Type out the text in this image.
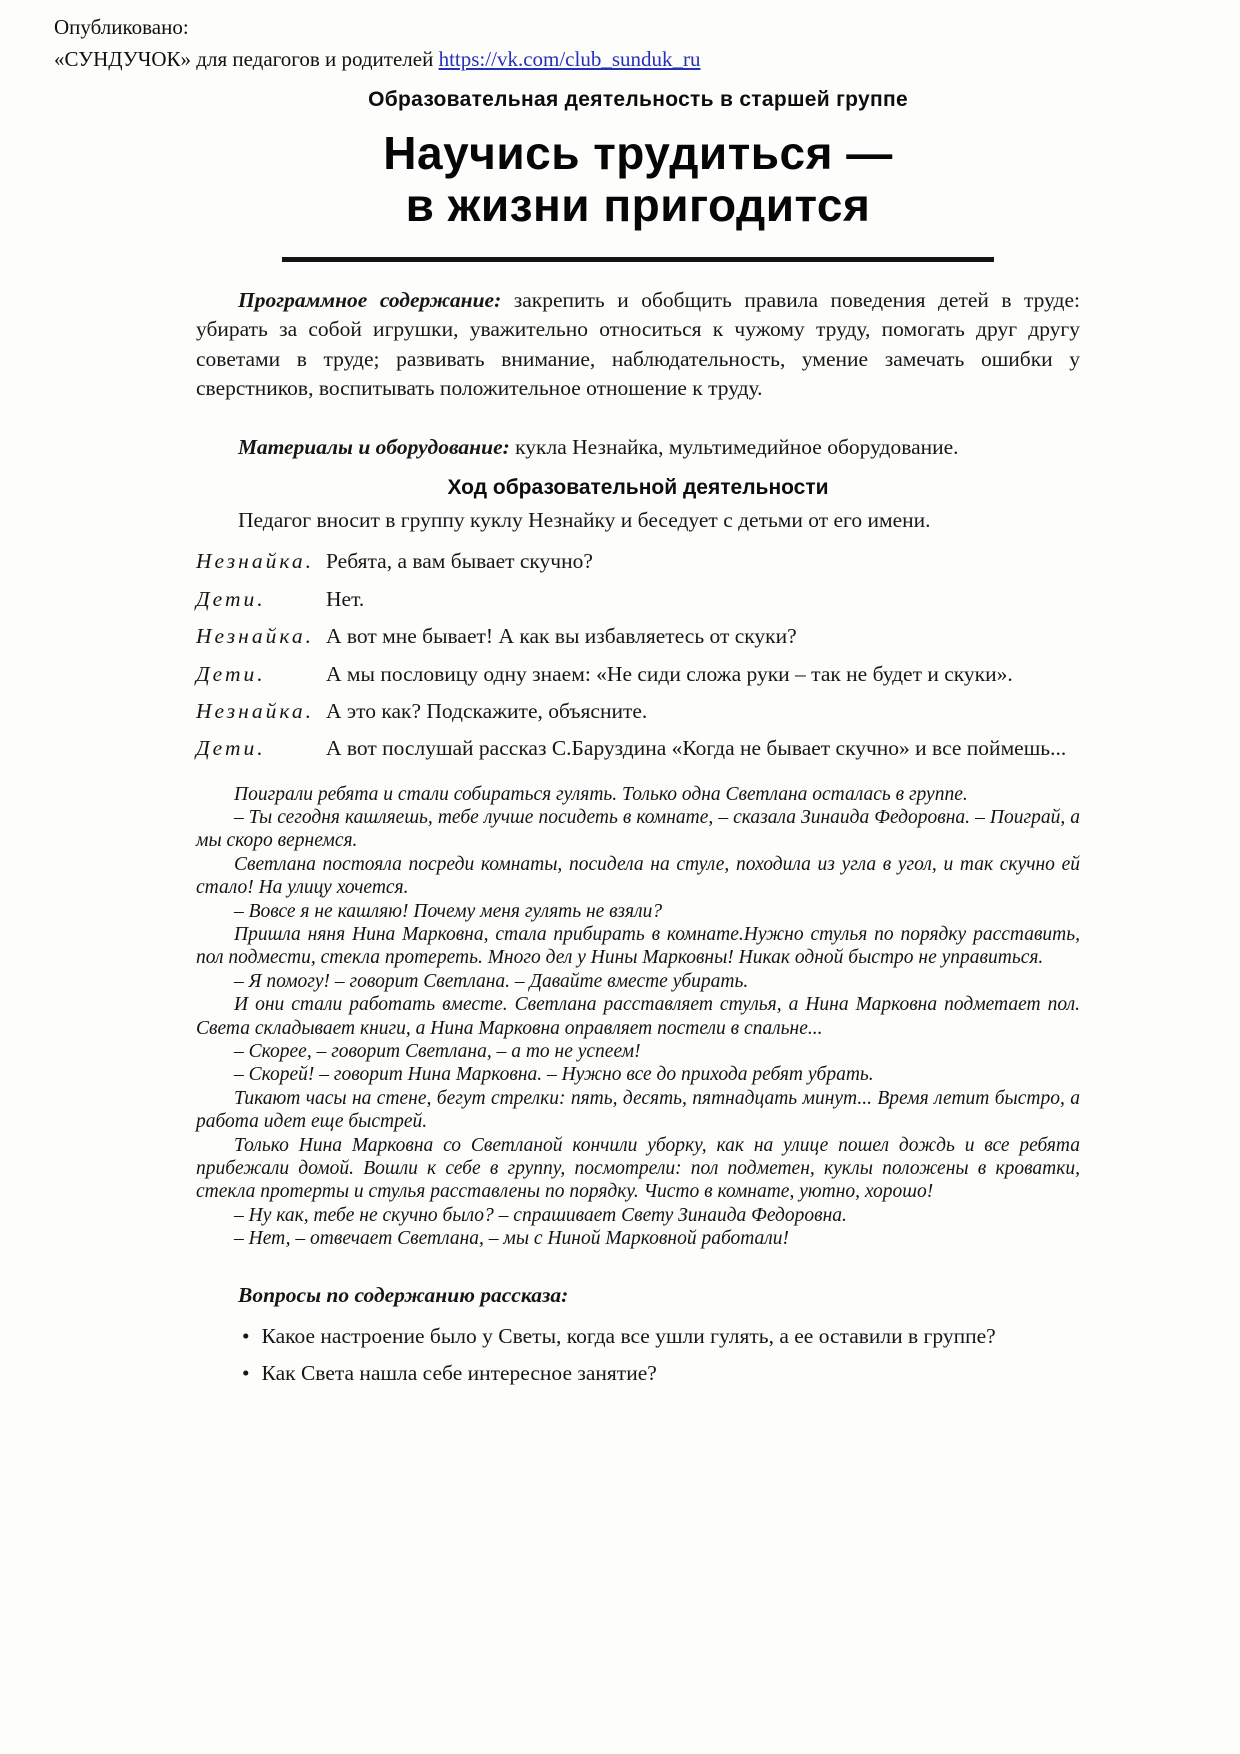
Опубликовано:
«СУНДУЧОК» для педагогов и родителей https://vk.com/club_sunduk_ru
Образовательная деятельность в старшей группе
Научись трудиться —
в жизни пригодится

Программное содержание: закрепить и обобщить правила поведения детей в труде: убирать за собой игрушки, уважительно относиться к чужому труду, помогать друг другу советами в труде; развивать внимание, наблюдательность, умение замечать ошибки у сверстников, воспитывать положительное отношение к труду.

Материалы и оборудование: кукла Незнайка, мультимедийное оборудование.

Ход образовательной деятельности

Педагог вносит в группу куклу Незнайку и беседует с детьми от его имени.

Незнайка. Ребята, а вам бывает скучно?
Дети.	Нет.
Незнайка. А вот мне бывает! А как вы избавляетесь от скуки?
Дети.	А мы пословицу одну знаем: «Не сиди сложа руки – так не будет и скуки».
Незнайка. А это как? Подскажите, объясните.
Дети.	А вот послушай рассказ С.Баруздина «Когда не бывает скучно» и все поймешь...

Поиграли ребята и стали собираться гулять. Только одна Светлана осталась в группе.

– Ты сегодня кашляешь, тебе лучше посидеть в комнате, – сказала Зинаида Федоровна. – Поиграй, а мы скоро вернемся.

Светлана постояла посреди комнаты, посидела на стуле, походила из угла в угол, и так скучно ей стало! На улицу хочется.

– Вовсе я не кашляю! Почему меня гулять не взяли?

Пришла няня Нина Марковна, стала прибирать в комнате.Нужно стулья по порядку расставить, пол подмести, стекла протереть. Много дел у Нины Марковны! Никак одной быстро не управиться.

– Я помогу! – говорит Светлана. – Давайте вместе убирать.

И они стали работать вместе. Светлана расставляет стулья, а Нина Марковна подметает пол. Света складывает книги, а Нина Марковна оправляет постели в спальне...

– Скорее, – говорит Светлана, – а то не успеем!

– Скорей! – говорит Нина Марковна. – Нужно все до прихода ребят убрать.

Тикают часы на стене, бегут стрелки: пять, десять, пятнадцать минут... Время летит быстро, а работа идет еще быстрей.

Только Нина Марковна со Светланой кончили уборку, как на улице пошел дождь и все ребята прибежали домой. Вошли к себе в группу, посмотрели: пол подметен, куклы положены в кроватки, стекла протерты и стулья расставлены по порядку. Чисто в комнате, уютно, хорошо!

– Ну как, тебе не скучно было? – спрашивает Свету Зинаида Федоровна.

– Нет, – отвечает Светлана, – мы с Ниной Марковной работали!

Вопросы по содержанию рассказа:

• Какое настроение было у Светы, когда все ушли гулять, а ее оставили в группе?

• Как Света нашла себе интересное занятие?
